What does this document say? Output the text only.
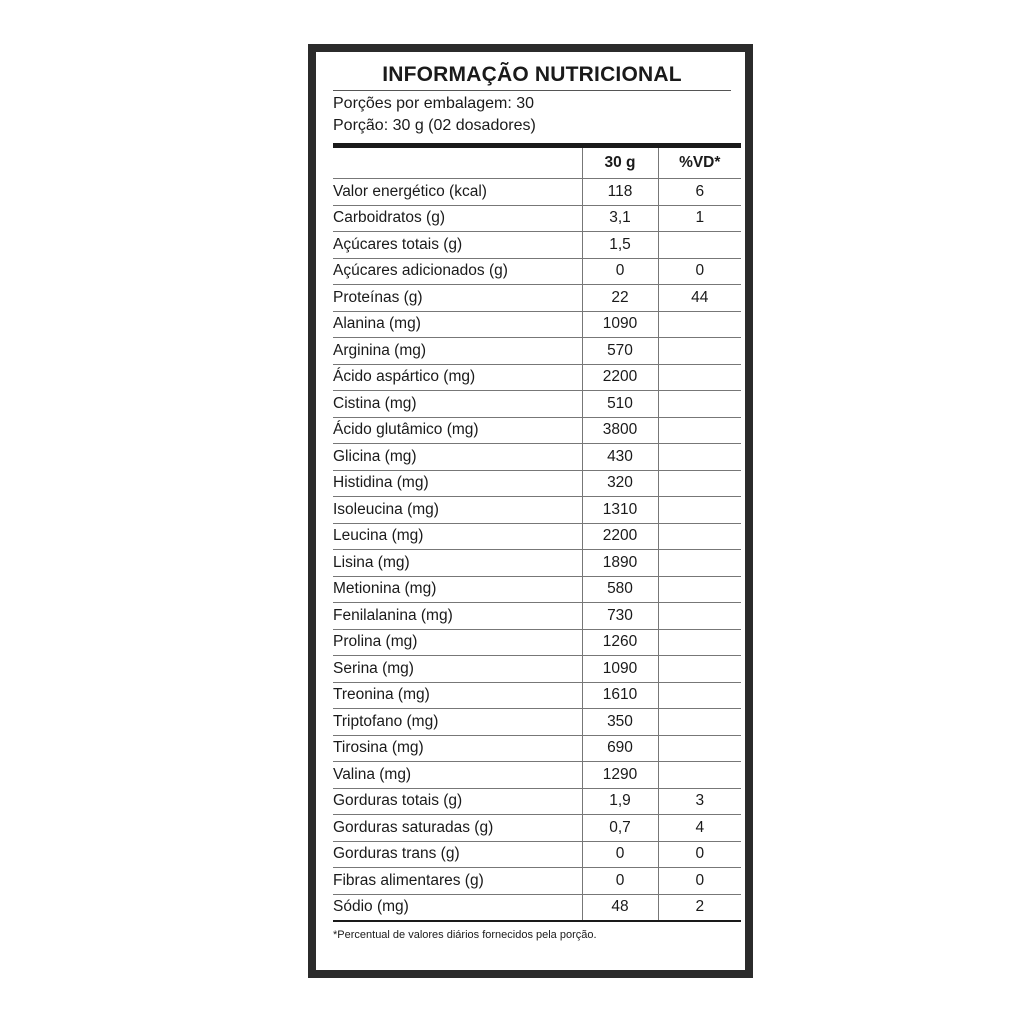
INFORMAÇÃO NUTRICIONAL
Porções por embalagem: 30
Porção: 30 g (02 dosadores)
	30 g	%VD*
Valor energético (kcal)	118	6
Carboidratos (g)	3,1	1
Açúcares totais (g)	1,5	
Açúcares adicionados (g)	0	0
Proteínas (g)	22	44
Alanina (mg)	1090	
Arginina (mg)	570	
Ácido aspártico (mg)	2200	
Cistina (mg)	510	
Ácido glutâmico (mg)	3800	
Glicina (mg)	430	
Histidina (mg)	320	
Isoleucina (mg)	1310	
Leucina (mg)	2200	
Lisina (mg)	1890	
Metionina (mg)	580	
Fenilalanina (mg)	730	
Prolina (mg)	1260	
Serina (mg)	1090	
Treonina (mg)	1610	
Triptofano (mg)	350	
Tirosina (mg)	690	
Valina (mg)	1290	
Gorduras totais (g)	1,9	3
Gorduras saturadas (g)	0,7	4
Gorduras trans (g)	0	0
Fibras alimentares (g)	0	0
Sódio (mg)	48	2
*Percentual de valores diários fornecidos pela porção.
